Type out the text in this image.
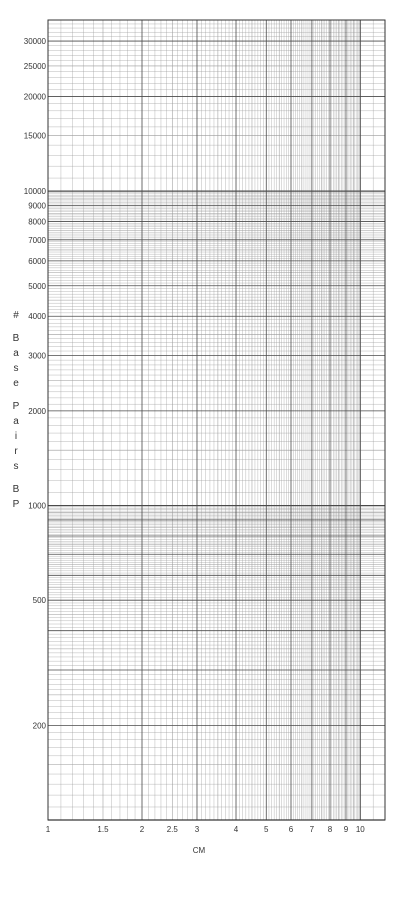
30000
25000
20000
15000
10000
9000
8000
7000
6000
5000
4000
3000
2000
1000
500
200
1	1.5	2	2.5 3	4	5	6 7 8 9 10
#
B
a
s
e
P
a
i
r
s
B
P
CM
